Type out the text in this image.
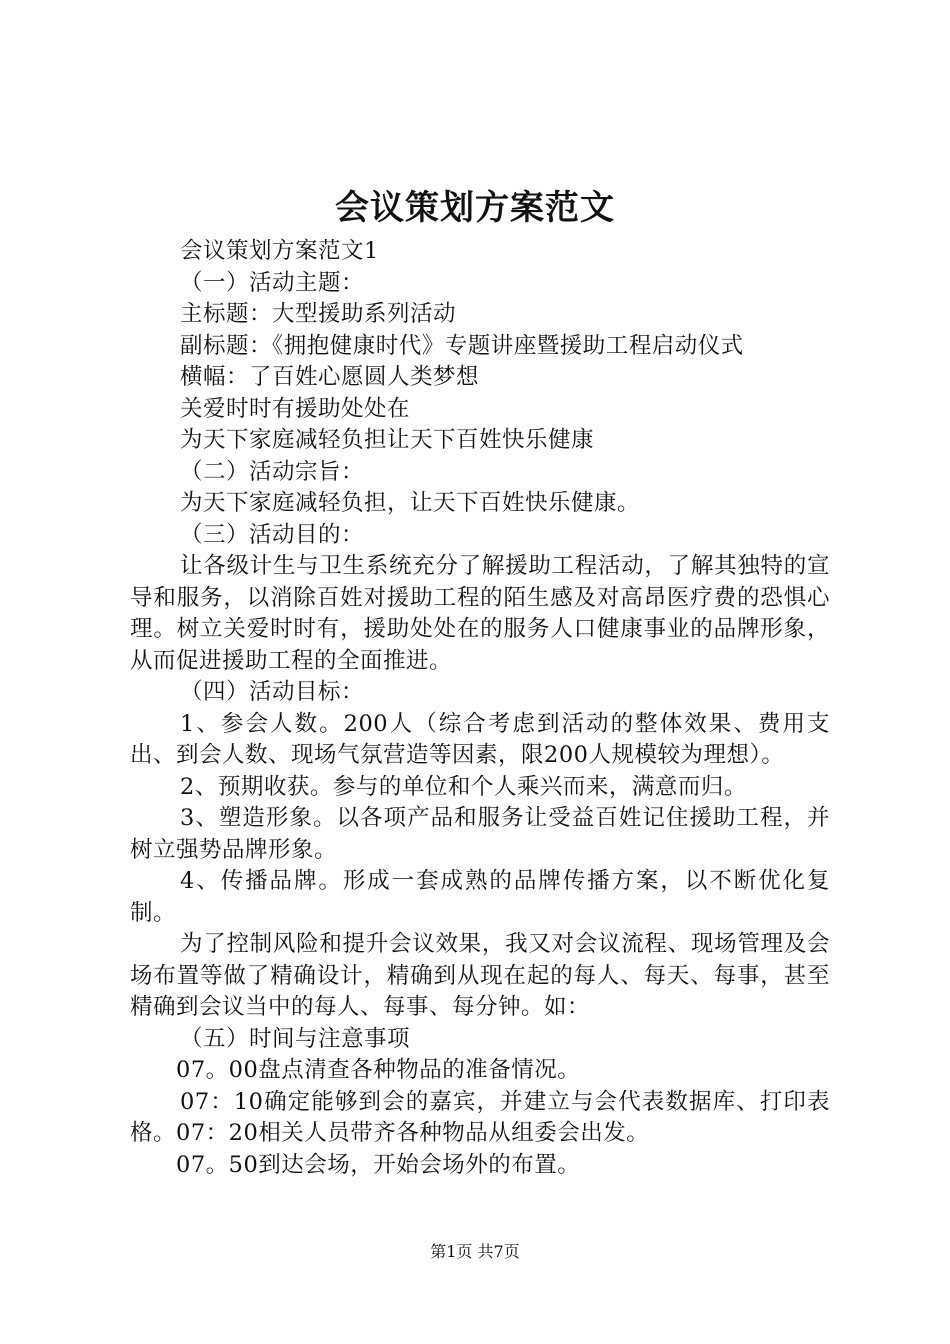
会议策划方案范文

会议策划方案范文1

（一）活动主题：

主标题：大型援助系列活动

副标题：《拥抱健康时代》专题讲座暨援助工程启动仪式

横幅：了百姓心愿圆人类梦想

关爱时时有援助处处在

为天下家庭减轻负担让天下百姓快乐健康

（二）活动宗旨：

为天下家庭减轻负担，让天下百姓快乐健康。

（三）活动目的：

让各级计生与卫生系统充分了解援助工程活动，了解其独特的宣导和服务，以消除百姓对援助工程的陌生感及对高昂医疗费的恐惧心理。树立关爱时时有，援助处处在的服务人口健康事业的品牌形象，从而促进援助工程的全面推进。

（四）活动目标：

1、参会人数。200人（综合考虑到活动的整体效果、费用支出、到会人数、现场气氛营造等因素，限200人规模较为理想）。

2、预期收获。参与的单位和个人乘兴而来，满意而归。

3、塑造形象。以各项产品和服务让受益百姓记住援助工程，并树立强势品牌形象。

4、传播品牌。形成一套成熟的品牌传播方案，以不断优化复制。

为了控制风险和提升会议效果，我又对会议流程、现场管理及会场布置等做了精确设计，精确到从现在起的每人、每天、每事，甚至精确到会议当中的每人、每事、每分钟。如：

（五）时间与注意事项

07。00盘点清查各种物品的准备情况。

07：10确定能够到会的嘉宾，并建立与会代表数据库、打印表格。07：20相关人员带齐各种物品从组委会出发。

07。50到达会场，开始会场外的布置。

第1页 共7页
